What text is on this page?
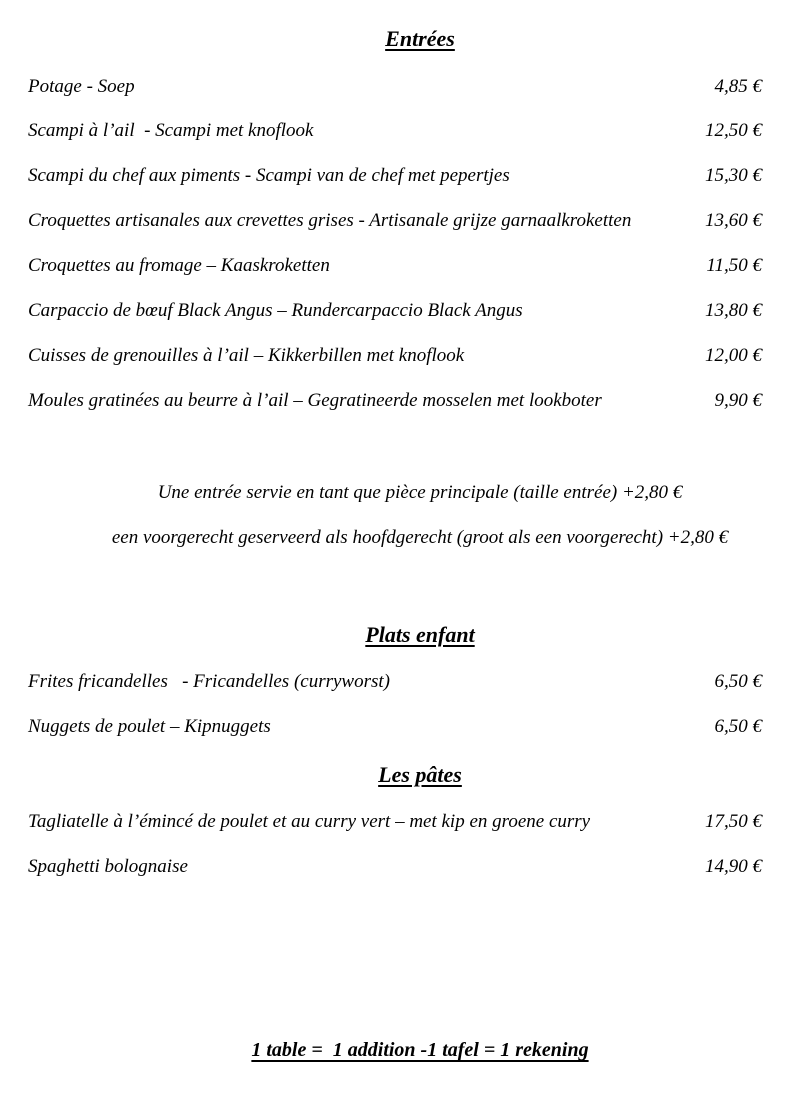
Entrées
Potage - Soep	4,85 €
Scampi à l’ail  - Scampi met knoflook	12,50 €
Scampi du chef aux piments - Scampi van de chef met pepertjes	15,30 €
Croquettes artisanales aux crevettes grises - Artisanale grijze garnaalkroketten	13,60 €
Croquettes au fromage – Kaaskroketten	11,50 €
Carpaccio de bœuf Black Angus – Rundercarpaccio Black Angus	13,80 €
Cuisses de grenouilles à l’ail – Kikkerbillen met knoflook	12,00 €
Moules gratinées au beurre à l’ail – Gegratineerde mosselen met lookboter	9,90 €
Une entrée servie en tant que pièce principale (taille entrée) +2,80 €
een voorgerecht geserveerd als hoofdgerecht (groot als een voorgerecht) +2,80 €
Plats enfant
Frites fricandelles   - Fricandelles (curryworst)	6,50 €
Nuggets de poulet – Kipnuggets	6,50 €
Les pâtes
Tagliatelle à l’émincé de poulet et au curry vert – met kip en groene curry	17,50 €
Spaghetti bolognaise	14,90 €
1 table =  1 addition -1 tafel = 1 rekening
